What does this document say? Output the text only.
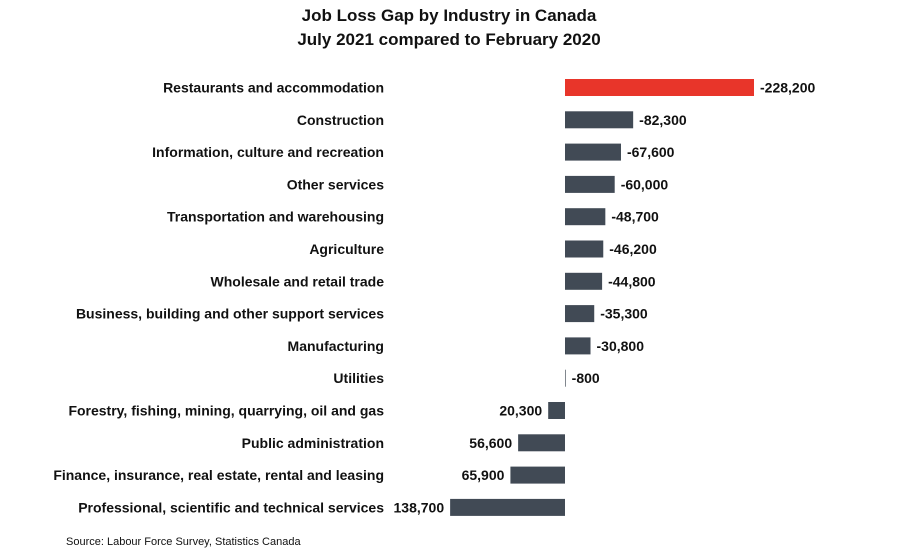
Job Loss Gap by Industry in Canada
July 2021 compared to February 2020
Restaurants and accommodation	-228,200
Construction	-82,300
Information, culture and recreation	-67,600
Other services	-60,000
Transportation and warehousing	-48,700
Agriculture	-46,200
Wholesale and retail trade	-44,800
Business, building and other support services	-35,300
Manufacturing	-30,800
Utilities	-800
Forestry, fishing, mining, quarrying, oil and gas	20,300
Public administration	56,600
Finance, insurance, real estate, rental and leasing	65,900
Professional, scientific and technical services 138,700
Source: Labour Force Survey, Statistics Canada
